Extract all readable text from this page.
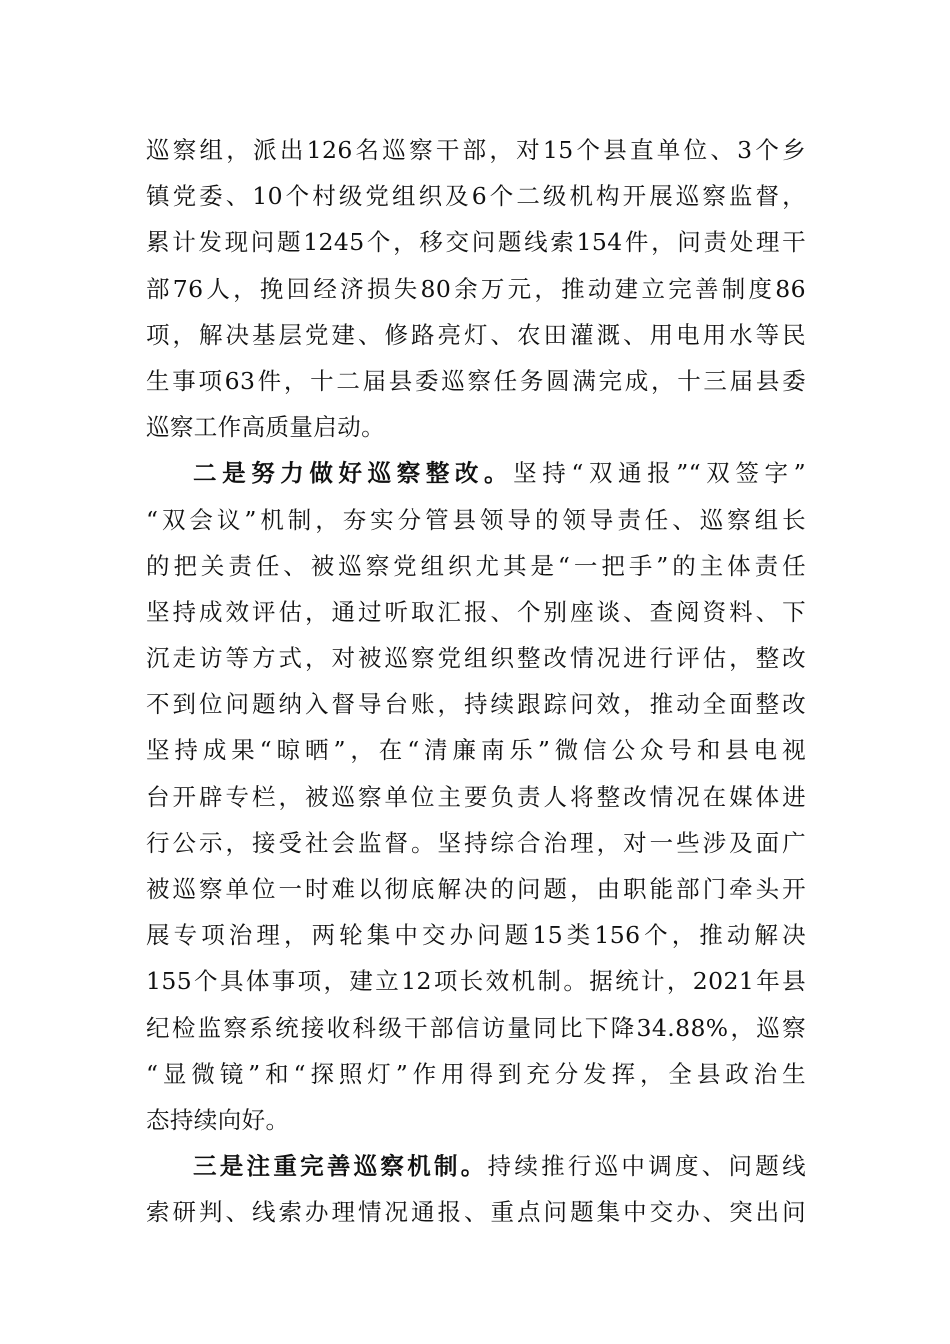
巡察组，派出126名巡察干部，对15个县直单位、3个乡
镇党委、10个村级党组织及6个二级机构开展巡察监督，
累计发现问题1245个，移交问题线索154件，问责处理干
部76人，挽回经济损失80余万元，推动建立完善制度86
项，解决基层党建、修路亮灯、农田灌溉、用电用水等民
生事项63件，十二届县委巡察任务圆满完成，十三届县委
巡察工作高质量启动。
二是努力做好巡察整改。坚持“双通报”“双签字”
“双会议”机制，夯实分管县领导的领导责任、巡察组长
的把关责任、被巡察党组织尤其是“一把手”的主体责任
坚持成效评估，通过听取汇报、个别座谈、查阅资料、下
沉走访等方式，对被巡察党组织整改情况进行评估，整改
不到位问题纳入督导台账，持续跟踪问效，推动全面整改
坚持成果“晾晒”，在“清廉南乐”微信公众号和县电视
台开辟专栏，被巡察单位主要负责人将整改情况在媒体进
行公示，接受社会监督。坚持综合治理，对一些涉及面广
被巡察单位一时难以彻底解决的问题，由职能部门牵头开
展专项治理，两轮集中交办问题15类156个，推动解决
155个具体事项，建立12项长效机制。据统计，2021年县
纪检监察系统接收科级干部信访量同比下降34.88%，巡察
“显微镜”和“探照灯”作用得到充分发挥，全县政治生
态持续向好。
三是注重完善巡察机制。持续推行巡中调度、问题线
索研判、线索办理情况通报、重点问题集中交办、突出问
